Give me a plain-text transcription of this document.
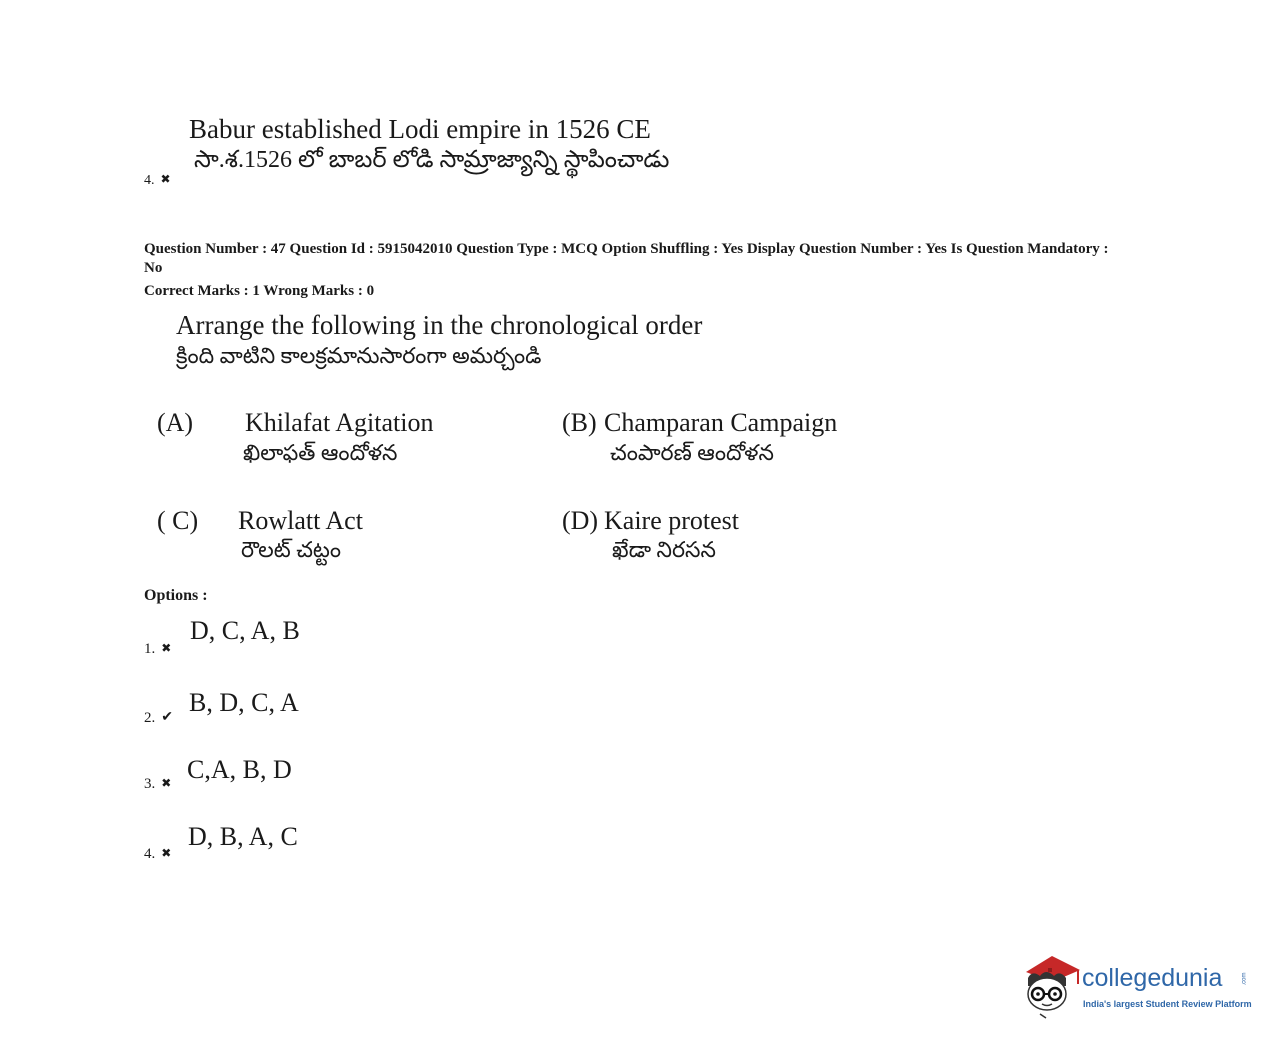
Babur established Lodi empire in 1526 CE
సా.శ.1526 లో బాబర్ లోడి సామ్రాజ్యాన్ని స్థాపించాడు
4. ✖
Question Number : 47 Question Id : 5915042010 Question Type : MCQ Option Shuffling : Yes Display Question Number : Yes Is Question Mandatory : No
Correct Marks : 1 Wrong Marks : 0
Arrange the following in the chronological order
క్రింది వాటిని కాలక్రమానుసారంగా అమర్చండి
(A) Khilafat Agitation
ఖిలాఫత్ ఆందోళన
(B) Champaran Campaign
చంపారణ్ ఆందోళన
( C) Rowlatt Act
రౌలట్ చట్టం
(D) Kaire protest
ఖేడా నిరసన
Options :
1. ✖
D, C, A, B
2. ✔
B, D, C, A
3. ✖ C,A, B, D
4. ✖
D, B, A, C
collegedunia	.com
India's largest Student Review Platform
